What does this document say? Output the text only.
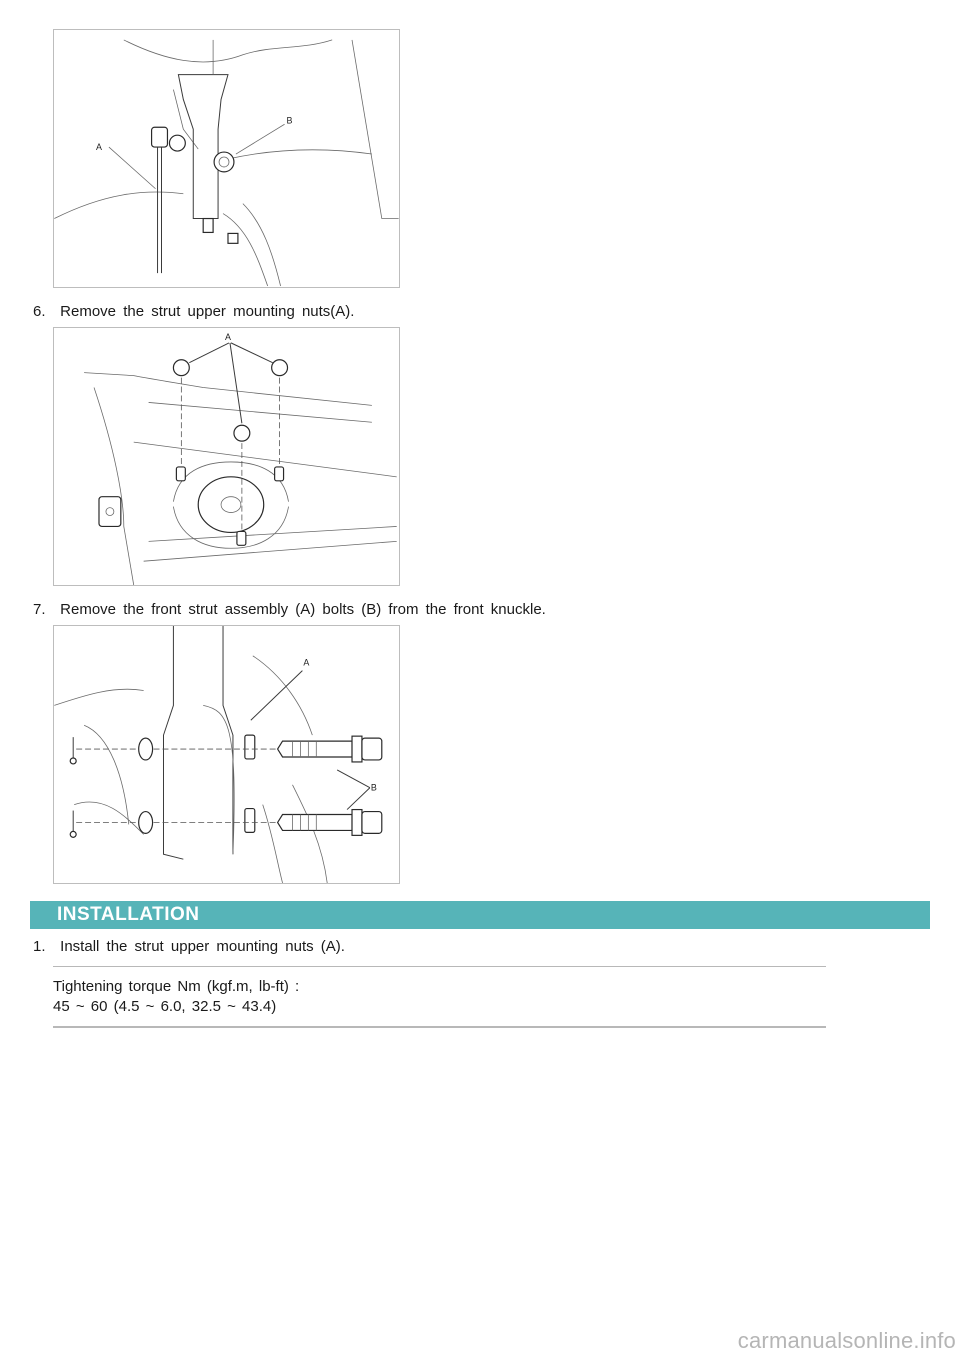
A
B
6. Remove the strut upper mounting nuts(A).
A
7. Remove the front strut assembly (A) bolts (B) from the front knuckle.
A
B
INSTALLATION
1. Install the strut upper mounting nuts (A).
Tightening torque Nm (kgf.m, lb-ft) :
45 ~ 60 (4.5 ~ 6.0, 32.5 ~ 43.4)
carmanualsonline.info
